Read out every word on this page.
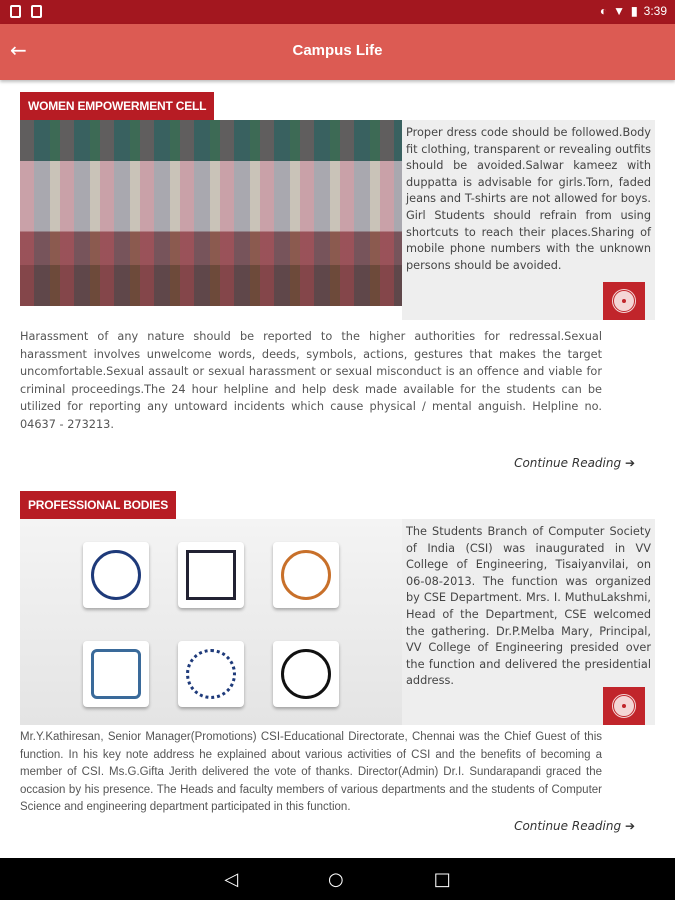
◐ ▼ ▮ 3:39
←	Campus Life
WOMEN EMPOWERMENT CELL
Proper dress code should be followed.Body fit clothing, transparent or revealing outfits should be avoided.Salwar kameez with duppatta is advisable for girls.Torn, faded jeans and T-shirts are not allowed for boys. Girl Students should refrain from using shortcuts to reach their places.Sharing of mobile phone numbers with the unknown persons should be avoided.
Harassment of any nature should be reported to the higher authorities for redressal.Sexual harassment involves unwelcome words, deeds, symbols, actions, gestures that makes the target uncomfortable.Sexual assault or sexual harassment or sexual misconduct is an offence and viable for criminal proceedings.The 24 hour helpline and help desk made available for the students can be utilized for reporting any untoward incidents which cause physical / mental anguish. Helpline no. 04637 - 273213.
Continue Reading ➔
PROFESSIONAL BODIES
The Students Branch of Computer Society of India (CSI) was inaugurated in VV College of Engineering, Tisaiyanvilai, on 06-08-2013. The function was organized by CSE Department. Mrs. I. MuthuLakshmi, Head of the Department, CSE welcomed the gathering. Dr.P.Melba Mary, Principal, VV College of Engineering presided over the function and delivered the presidential address.
Mr.Y.Kathiresan, Senior Manager(Promotions) CSI-Educational Directorate, Chennai was the Chief Guest of this function. In his key note address he explained about various activities of CSI and the benefits of becoming a member of CSI. Ms.G.Gifta Jerith delivered the vote of thanks. Director(Admin) Dr.I. Sundarapandi graced the occasion by his presence. The Heads and faculty members of various departments and the students of Computer Science and engineering department participated in this function.
Continue Reading ➔
◁	○	□
